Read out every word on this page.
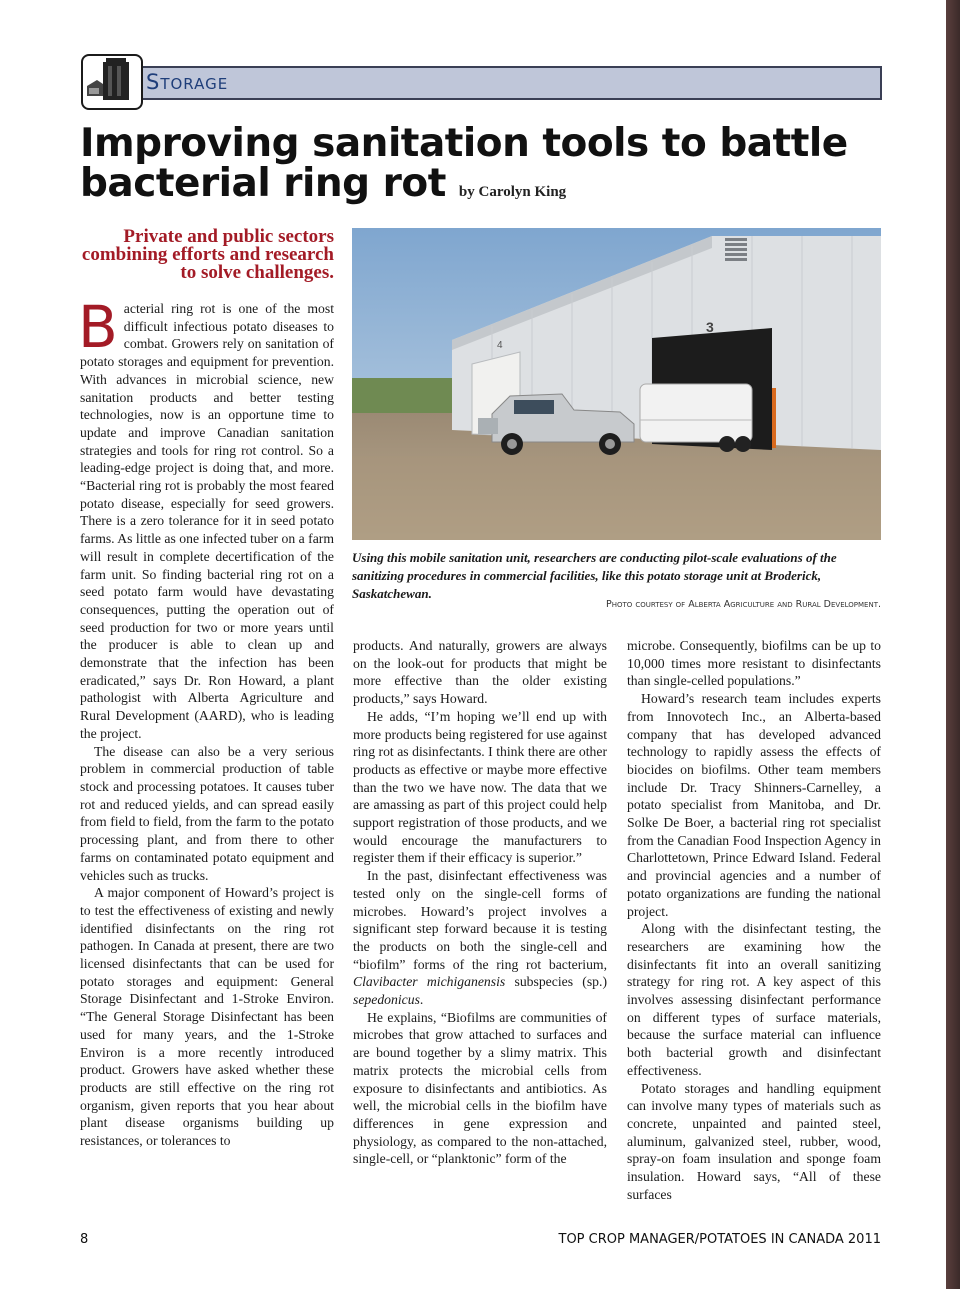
Storage
Improving sanitation tools to battle bacterial ring rot by Carolyn King

Private and public sectors combining efforts and research to solve challenges.

4
3

Using this mobile sanitation unit, researchers are conducting pilot-scale evaluations of the sanitizing procedures in commercial facilities, like this potato storage unit at Broderick, Saskatchewan.

Photo courtesy of Alberta Agriculture and Rural Development.

Bacterial ring rot is one of the most difficult infectious potato diseases to combat. Growers rely on sanitation of potato storages and equipment for prevention. With advances in microbial science, new sanitation products and better testing technologies, now is an opportune time to update and improve Canadian sanitation strategies and tools for ring rot control. So a leading-edge project is doing that, and more. “Bacterial ring rot is probably the most feared potato disease, especially for seed growers. There is a zero tolerance for it in seed potato farms. As little as one infected tuber on a farm will result in complete decertification of the farm unit. So finding bacterial ring rot on a seed potato farm would have devastating consequences, putting the operation out of seed production for two or more years until the producer is able to clean up and demonstrate that the infection has been eradicated,” says Dr. Ron Howard, a plant pathologist with Alberta Agriculture and Rural Development (AARD), who is leading the project.

The disease can also be a very serious problem in commercial production of table stock and processing potatoes. It causes tuber rot and reduced yields, and can spread easily from field to field, from the farm to the potato processing plant, and from there to other farms on contaminated potato equipment and vehicles such as trucks.

A major component of Howard’s project is to test the effectiveness of existing and newly identified disinfectants on the ring rot pathogen. In Canada at present, there are two licensed disinfectants that can be used for potato storages and equipment: General Storage Disinfectant and 1-Stroke Environ. “The General Storage Disinfectant has been used for many years, and the 1-Stroke Environ is a more recently introduced product. Growers have asked whether these products are still effective on the ring rot organism, given reports that you hear about plant disease organisms building up resistances, or tolerances to

products. And naturally, growers are always on the look-out for products that might be more effective than the older existing products,” says Howard.

He adds, “I’m hoping we’ll end up with more products being registered for use against ring rot as disinfectants. I think there are other products as effective or maybe more effective than the two we have now. The data that we are amassing as part of this project could help support registration of those products, and we would encourage the manufacturers to register them if their efficacy is superior.”

In the past, disinfectant effectiveness was tested only on the single-cell forms of microbes. Howard’s project involves a significant step forward because it is testing the products on both the single-cell and “biofilm” forms of the ring rot bacterium, Clavibacter michiganensis subspecies (sp.) sepedonicus.

He explains, “Biofilms are communities of microbes that grow attached to surfaces and are bound together by a slimy matrix. This matrix protects the microbial cells from exposure to disinfectants and antibiotics. As well, the microbial cells in the biofilm have differences in gene expression and physiology, as compared to the non-attached, single-cell, or “planktonic” form of the

microbe. Consequently, biofilms can be up to 10,000 times more resistant to disinfectants than single-celled populations.”

Howard’s research team includes experts from Innovotech Inc., an Alberta-based company that has developed advanced technology to rapidly assess the effects of biocides on biofilms. Other team members include Dr. Tracy Shinners-Carnelley, a potato specialist from Manitoba, and Dr. Solke De Boer, a bacterial ring rot specialist from the Canadian Food Inspection Agency in Charlottetown, Prince Edward Island. Federal and provincial agencies and a number of potato organizations are funding the national project.

Along with the disinfectant testing, the researchers are examining how the disinfectants fit into an overall sanitizing strategy for ring rot. A key aspect of this involves assessing disinfectant performance on different types of surface materials, because the surface material can influence both bacterial growth and disinfectant effectiveness.

Potato storages and handling equipment can involve many types of materials such as concrete, unpainted and painted steel, aluminum, galvanized steel, rubber, wood, spray-on foam insulation and sponge foam insulation. Howard says, “All of these surfaces

8	TOP CROP MANAGER/POTATOES IN CANADA 2011
